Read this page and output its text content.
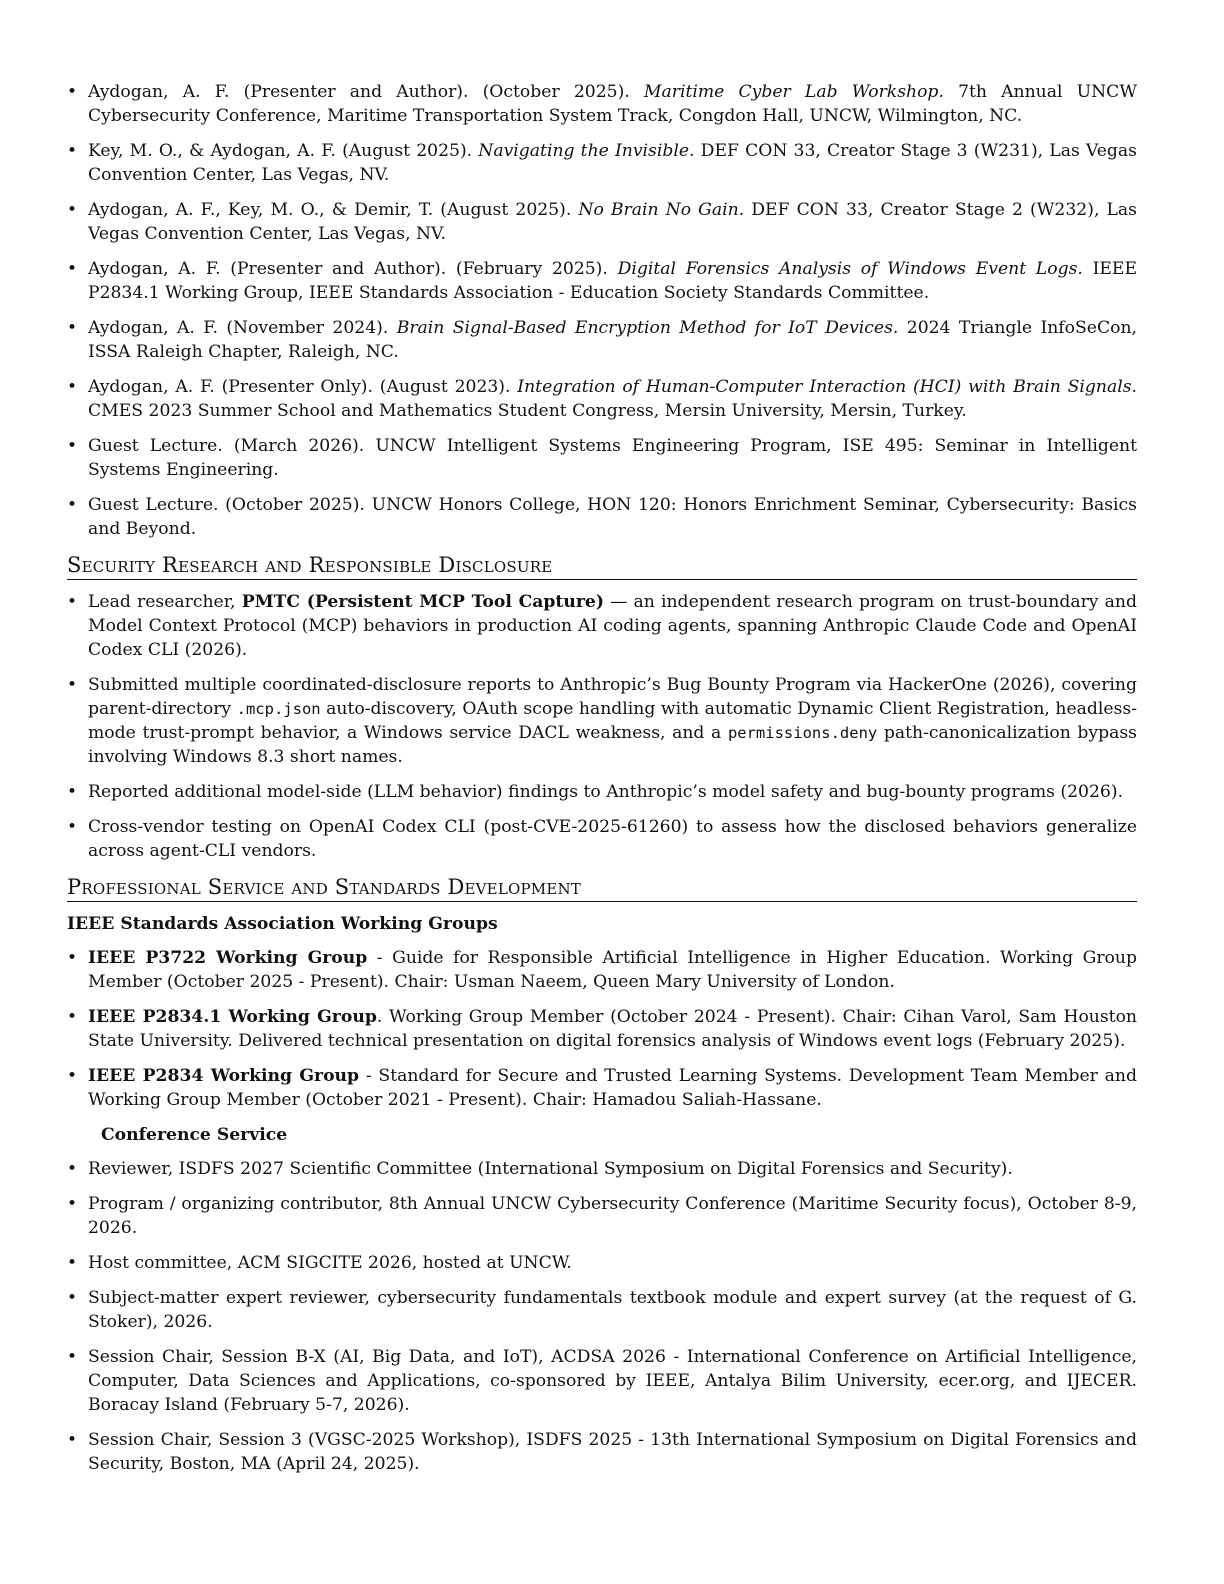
• Aydogan, A. F. (Presenter and Author). (October 2025). Maritime Cyber Lab Workshop. 7th Annual UNCW Cybersecurity Conference, Maritime Transportation System Track, Congdon Hall, UNCW, Wilmington, NC.
• Key, M. O., & Aydogan, A. F. (August 2025). Navigating the Invisible. DEF CON 33, Creator Stage 3 (W231), Las Vegas Convention Center, Las Vegas, NV.
• Aydogan, A. F., Key, M. O., & Demir, T. (August 2025). No Brain No Gain. DEF CON 33, Creator Stage 2 (W232), Las Vegas Convention Center, Las Vegas, NV.
• Aydogan, A. F. (Presenter and Author). (February 2025). Digital Forensics Analysis of Windows Event Logs. IEEE P2834.1 Working Group, IEEE Standards Association - Education Society Standards Committee.
• Aydogan, A. F. (November 2024). Brain Signal-Based Encryption Method for IoT Devices. 2024 Triangle InfoSeCon, ISSA Raleigh Chapter, Raleigh, NC.
• Aydogan, A. F. (Presenter Only). (August 2023). Integration of Human-Computer Interaction (HCI) with Brain Signals. CMES 2023 Summer School and Mathematics Student Congress, Mersin University, Mersin, Turkey.
• Guest Lecture. (March 2026). UNCW Intelligent Systems Engineering Program, ISE 495: Seminar in Intelligent Systems Engineering.
• Guest Lecture. (October 2025). UNCW Honors College, HON 120: Honors Enrichment Seminar, Cybersecurity: Basics and Beyond.
Security Research and Responsible Disclosure
• Lead researcher, PMTC (Persistent MCP Tool Capture) — an independent research program on trust-boundary and Model Context Protocol (MCP) behaviors in production AI coding agents, spanning Anthropic Claude Code and OpenAI Codex CLI (2026).
• Submitted multiple coordinated-disclosure reports to Anthropic’s Bug Bounty Program via HackerOne (2026), covering parent-directory .mcp.json auto-discovery, OAuth scope handling with automatic Dynamic Client Registration, headless-mode trust-prompt behavior, a Windows service DACL weakness, and a permissions.deny path-canonicalization bypass involving Windows 8.3 short names.
• Reported additional model-side (LLM behavior) findings to Anthropic’s model safety and bug-bounty programs (2026).
• Cross-vendor testing on OpenAI Codex CLI (post-CVE-2025-61260) to assess how the disclosed behaviors generalize across agent-CLI vendors.
Professional Service and Standards Development
IEEE Standards Association Working Groups
• IEEE P3722 Working Group - Guide for Responsible Artificial Intelligence in Higher Education. Working Group Member (October 2025 - Present). Chair: Usman Naeem, Queen Mary University of London.
• IEEE P2834.1 Working Group. Working Group Member (October 2024 - Present). Chair: Cihan Varol, Sam Houston State University. Delivered technical presentation on digital forensics analysis of Windows event logs (February 2025).
• IEEE P2834 Working Group - Standard for Secure and Trusted Learning Systems. Development Team Member and Working Group Member (October 2021 - Present). Chair: Hamadou Saliah-Hassane.
Conference Service
• Reviewer, ISDFS 2027 Scientific Committee (International Symposium on Digital Forensics and Security).
• Program / organizing contributor, 8th Annual UNCW Cybersecurity Conference (Maritime Security focus), October 8-9, 2026.
• Host committee, ACM SIGCITE 2026, hosted at UNCW.
• Subject-matter expert reviewer, cybersecurity fundamentals textbook module and expert survey (at the request of G. Stoker), 2026.
• Session Chair, Session B-X (AI, Big Data, and IoT), ACDSA 2026 - International Conference on Artificial Intelligence, Computer, Data Sciences and Applications, co-sponsored by IEEE, Antalya Bilim University, ecer.org, and IJECER. Boracay Island (February 5-7, 2026).
• Session Chair, Session 3 (VGSC-2025 Workshop), ISDFS 2025 - 13th International Symposium on Digital Forensics and Security, Boston, MA (April 24, 2025).
